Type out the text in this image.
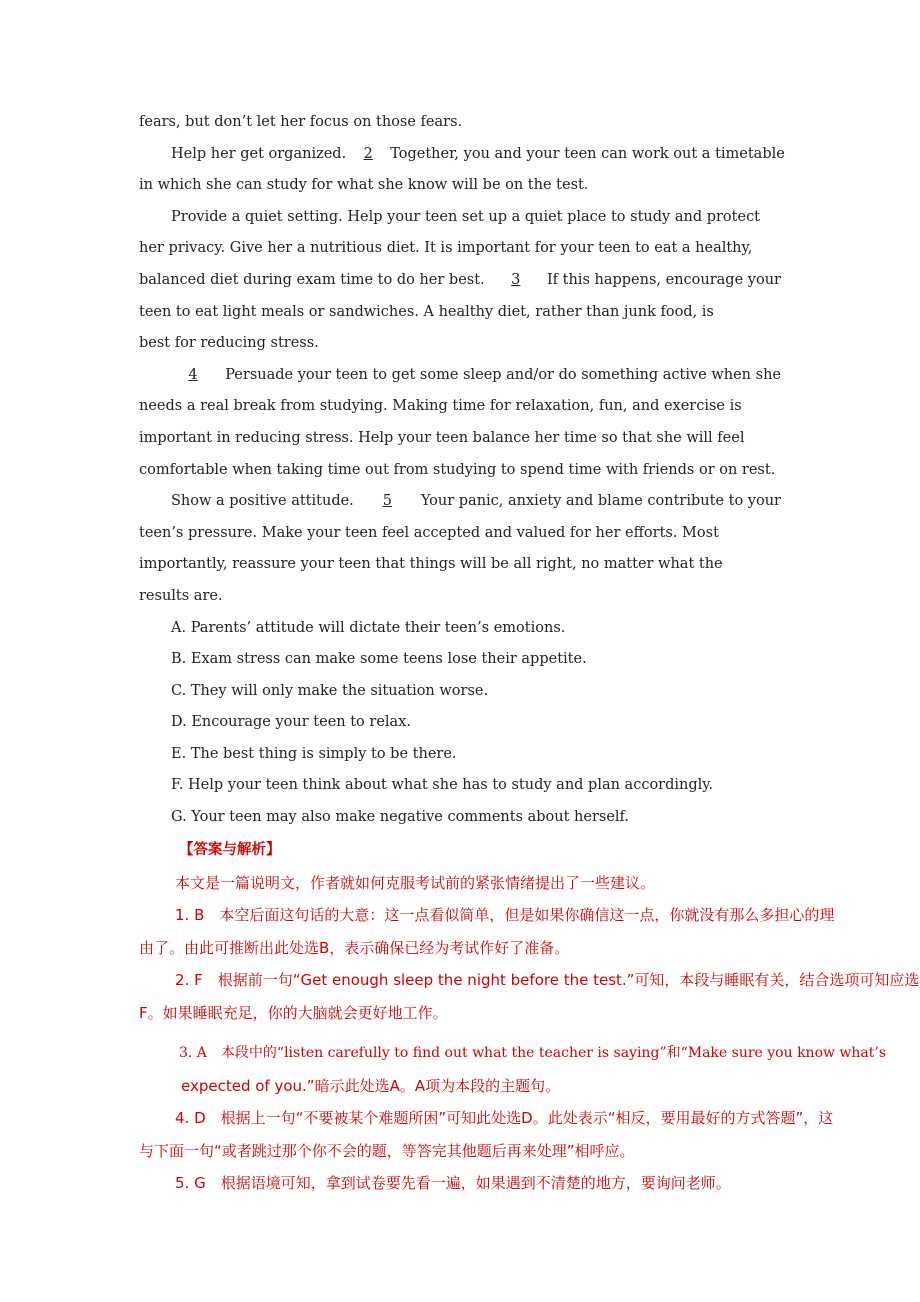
fears, but don’t let her focus on those fears.
Help her get organized.	2	Together, you and your teen can work out a timetable
in which she can study for what she know will be on the test.
Provide a quiet setting. Help your teen set up a quiet place to study and protect
her privacy. Give her a nutritious diet. It is important for your teen to eat a healthy,
balanced diet during exam time to do her best.	3	If this happens, encourage your
teen to eat light meals or sandwiches. A healthy diet, rather than junk food, is
best for reducing stress.
4	Persuade your teen to get some sleep and/or do something active when she
needs a real break from studying. Making time for relaxation, fun, and exercise is
important in reducing stress. Help your teen balance her time so that she will feel
comfortable when taking time out from studying to spend time with friends or on rest.
Show a positive attitude.	5	Your panic, anxiety and blame contribute to your
teen’s pressure. Make your teen feel accepted and valued for her efforts. Most
importantly, reassure your teen that things will be all right, no matter what the
results are.
A. Parents’ attitude will dictate their teen’s emotions.
B. Exam stress can make some teens lose their appetite.
C. They will only make the situation worse.
D. Encourage your teen to relax.
E. The best thing is simply to be there.
F. Help your teen think about what she has to study and plan accordingly.
G. Your teen may also make negative comments about herself.
【答案与解析】
本文是一篇说明文，作者就如何克服考试前的紧张情绪提出了一些建议。
1. B　本空后面这句话的大意：这一点看似简单，但是如果你确信这一点，你就没有那么多担心的理
由了。由此可推断出此处选B，表示确保已经为考试作好了准备。
2. F　根据前一句“Get enough sleep the night before the test.”可知，本段与睡眠有关，结合选项可知应选
F。如果睡眠充足，你的大脑就会更好地工作。
3. A　本段中的“listen carefully to find out what the teacher is saying”和“Make sure you know what’s
expected of you.”暗示此处选A。A项为本段的主题句。
4. D　根据上一句“不要被某个难题所困”可知此处选D。此处表示“相反，要用最好的方式答题”，这
与下面一句“或者跳过那个你不会的题，等答完其他题后再来处理”相呼应。
5. G　根据语境可知，拿到试卷要先看一遍，如果遇到不清楚的地方，要询问老师。
